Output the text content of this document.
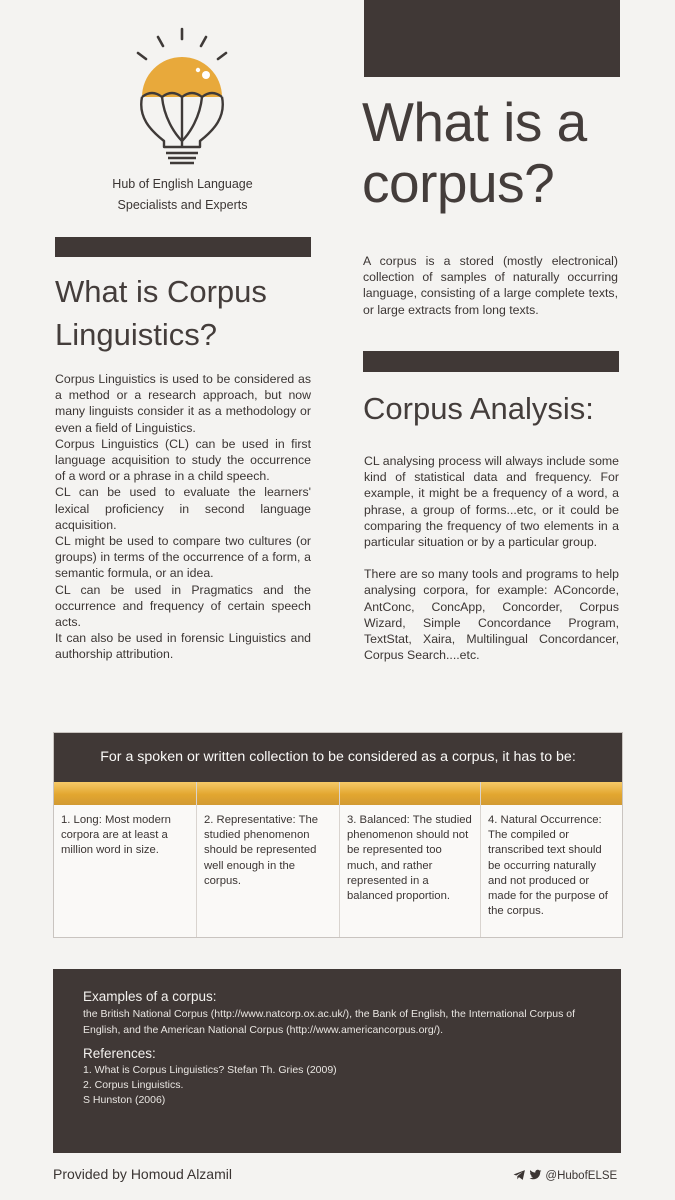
Hub of English Language
Specialists and Experts
What is a corpus?
A corpus is a stored (mostly electronical) collection of samples of naturally occurring language, consisting of a large complete texts, or large extracts from long texts.
What is Corpus Linguistics?

Corpus Linguistics is used to be considered as a method or a research approach, but now many linguists consider it as a methodology or even a field of Linguistics.

Corpus Linguistics (CL) can be used in first language acquisition to study the occurrence of a word or a phrase in a child speech.

CL can be used to evaluate the learners' lexical proficiency in second language acquisition.

CL might be used to compare two cultures (or groups) in terms of the occurrence of a form, a semantic formula, or an idea.

CL can be used in Pragmatics and the occurrence and frequency of certain speech acts.

It can also be used in forensic Linguistics and authorship attribution.

Corpus Analysis:

CL analysing process will always include some kind of statistical data and frequency. For example, it might be a frequency of a word, a phrase, a group of forms...etc, or it could be comparing the frequency of two elements in a particular situation or by a particular group.

There are so many tools and programs to help analysing corpora, for example: AConcorde, AntConc, ConcApp, Concorder, Corpus Wizard, Simple Concordance Program, TextStat, Xaira, Multilingual Concordancer, Corpus Search....etc.

For a spoken or written collection to be considered as a corpus, it has to be:
1. Long: Most modern corpora are at least a million word in size.
2. Representative: The studied phenomenon should be represented well enough in the corpus.
3. Balanced: The studied phenomenon should not be represented too much, and rather represented in a balanced proportion.
4. Natural Occurrence: The compiled or transcribed text should be occurring naturally and not produced or made for the purpose of the corpus.
Examples of a corpus:
the British National Corpus (http://www.natcorp.ox.ac.uk/), the Bank of English, the International Corpus of English, and the American National Corpus (http://www.americancorpus.org/).
References:
1. What is Corpus Linguistics? Stefan Th. Gries (2009)
2. Corpus Linguistics.
S Hunston (2006)
Provided by Homoud Alzamil	@HubofELSE
